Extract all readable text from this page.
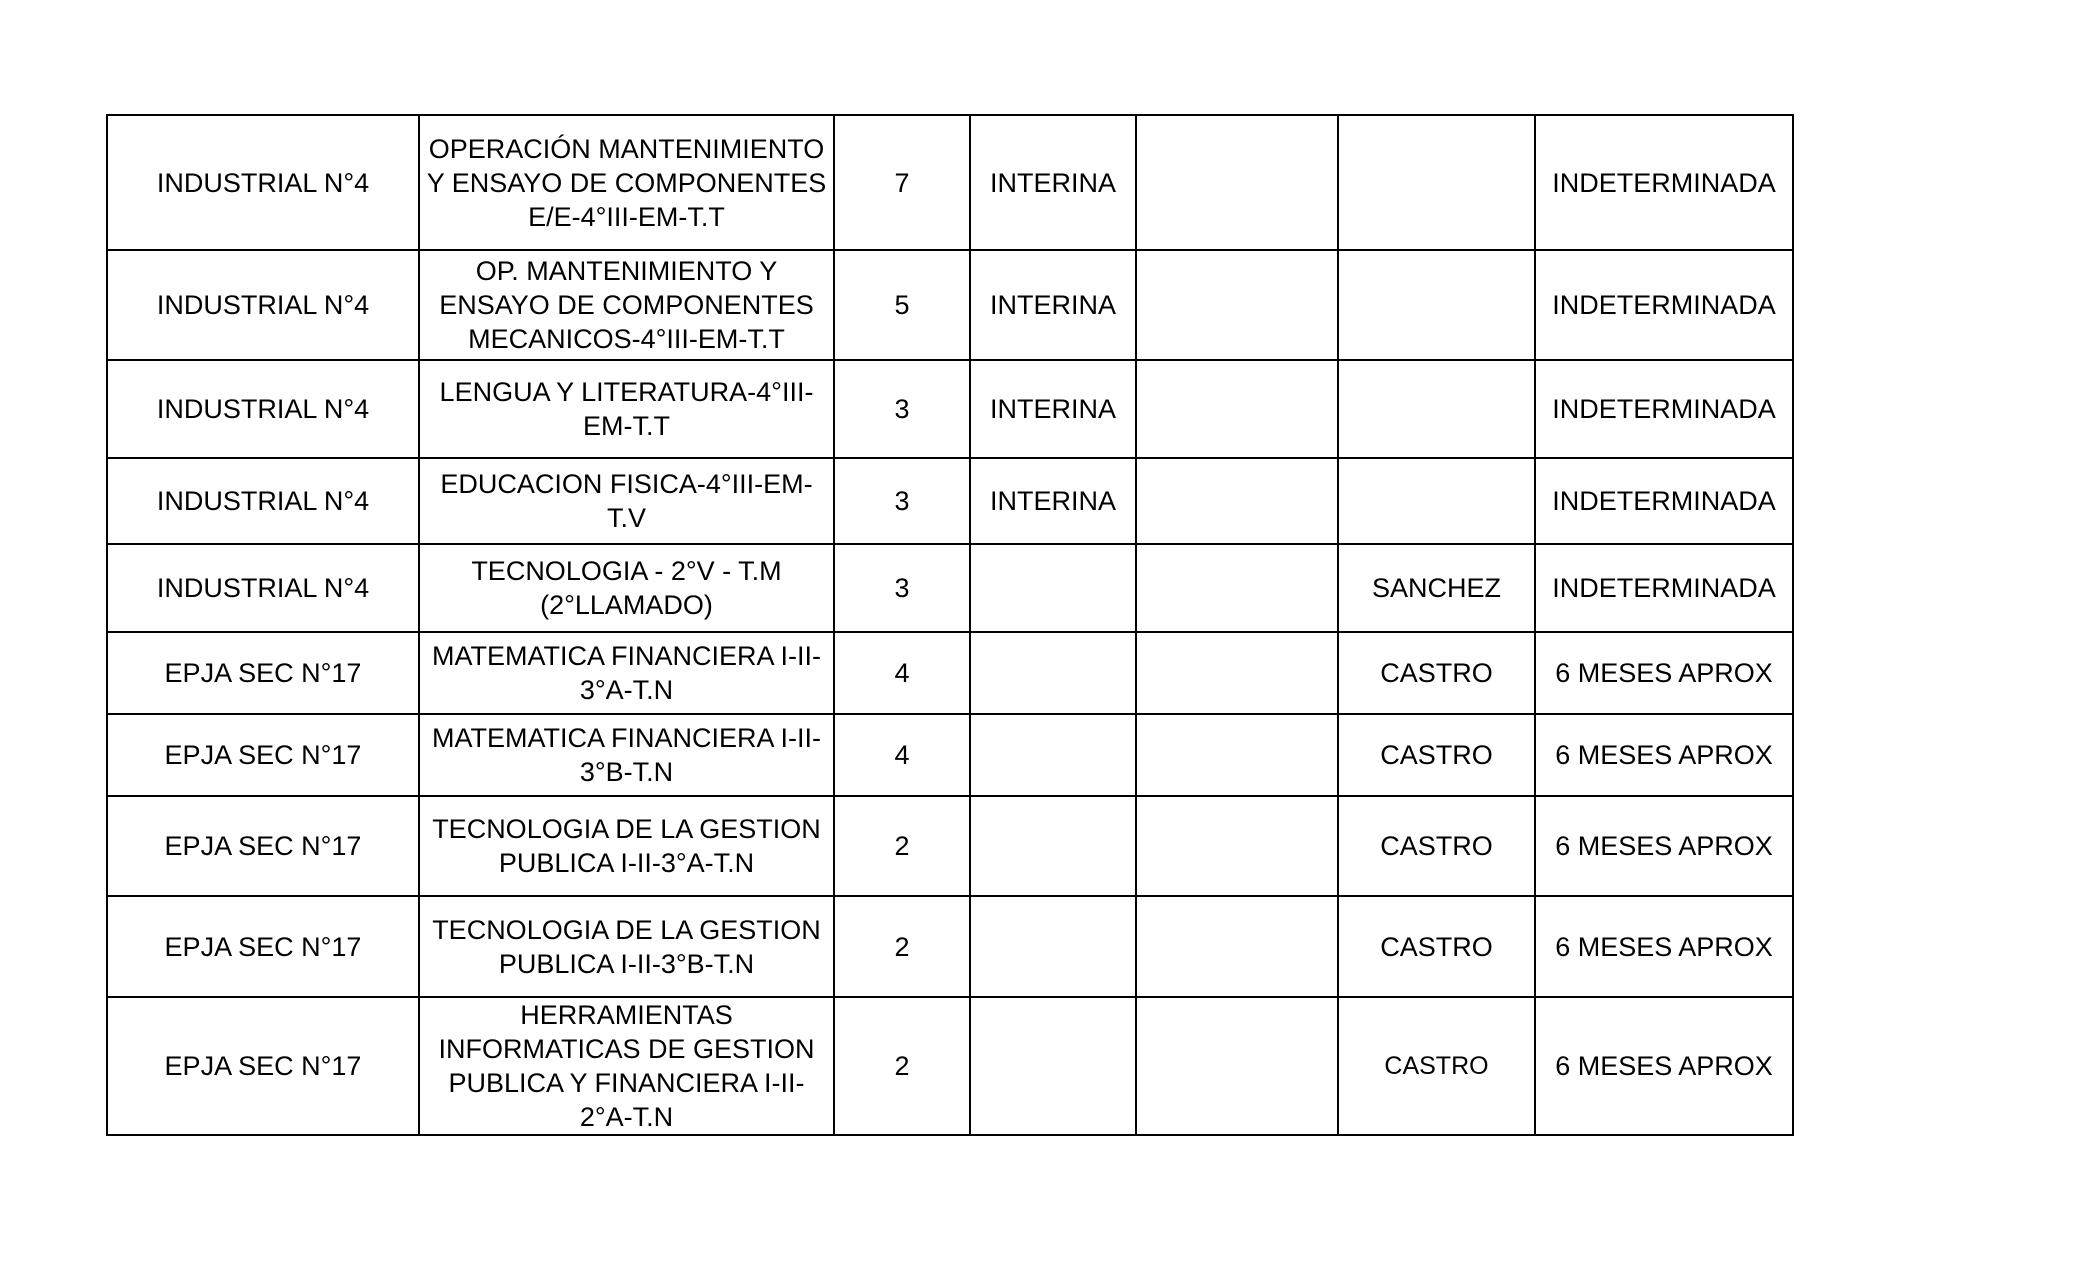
INDUSTRIAL N°4	OPERACIÓN MANTENIMIENTO Y ENSAYO DE COMPONENTES E/E-4°III-EM-T.T	7	INTERINA			INDETERMINADA
INDUSTRIAL N°4	OP. MANTENIMIENTO Y ENSAYO DE COMPONENTES MECANICOS-4°III-EM-T.T	5	INTERINA			INDETERMINADA
INDUSTRIAL N°4	LENGUA Y LITERATURA-4°III-EM-T.T	3	INTERINA			INDETERMINADA
INDUSTRIAL N°4	EDUCACION FISICA-4°III-EM-T.V	3	INTERINA			INDETERMINADA
INDUSTRIAL N°4	TECNOLOGIA - 2°V - T.M (2°LLAMADO)	3			SANCHEZ	INDETERMINADA
EPJA SEC N°17	MATEMATICA FINANCIERA I-II-3°A-T.N	4			CASTRO	6 MESES APROX
EPJA SEC N°17	MATEMATICA FINANCIERA I-II-3°B-T.N	4			CASTRO	6 MESES APROX
EPJA SEC N°17	TECNOLOGIA DE LA GESTION PUBLICA I-II-3°A-T.N	2			CASTRO	6 MESES APROX
EPJA SEC N°17	TECNOLOGIA DE LA GESTION PUBLICA I-II-3°B-T.N	2			CASTRO	6 MESES APROX
EPJA SEC N°17	HERRAMIENTAS INFORMATICAS DE GESTION PUBLICA Y FINANCIERA I-II-2°A-T.N	2			CASTRO	6 MESES APROX
